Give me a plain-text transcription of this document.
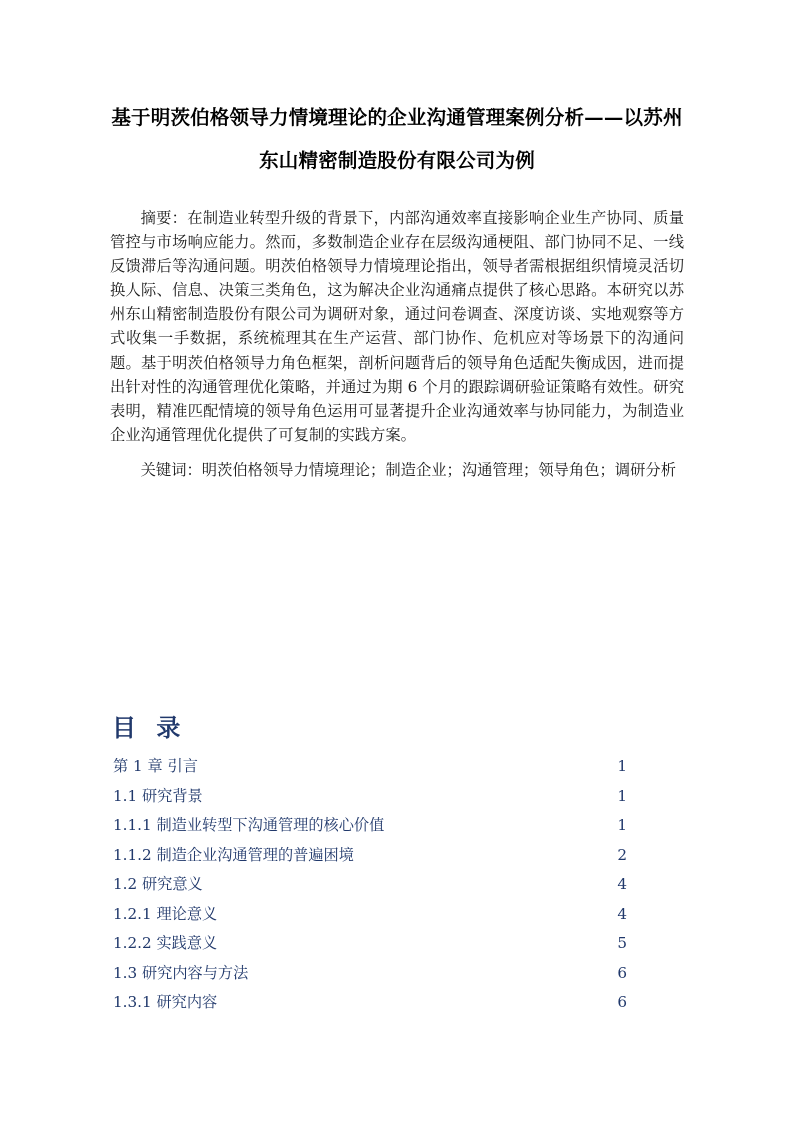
基于明茨伯格领导力情境理论的企业沟通管理案例分析——以苏州
东山精密制造股份有限公司为例

摘要：在制造业转型升级的背景下，内部沟通效率直接影响企业生产协同、质量管控与市场响应能力。然而，多数制造企业存在层级沟通梗阻、部门协同不足、一线反馈滞后等沟通问题。明茨伯格领导力情境理论指出，领导者需根据组织情境灵活切换人际、信息、决策三类角色，这为解决企业沟通痛点提供了核心思路。本研究以苏州东山精密制造股份有限公司为调研对象，通过问卷调查、深度访谈、实地观察等方式收集一手数据，系统梳理其在生产运营、部门协作、危机应对等场景下的沟通问题。基于明茨伯格领导力角色框架，剖析问题背后的领导角色适配失衡成因，进而提出针对性的沟通管理优化策略，并通过为期 6 个月的跟踪调研验证策略有效性。研究表明，精准匹配情境的领导角色运用可显著提升企业沟通效率与协同能力，为制造业企业沟通管理优化提供了可复制的实践方案。

关键词：明茨伯格领导力情境理论；制造企业；沟通管理；领导角色；调研分析

目 录
第 1 章 引言 ·····	1
1.1 研究背景 ·····	1
1.1.1 制造业转型下沟通管理的核心价值 ·····	1
1.1.2 制造企业沟通管理的普遍困境 ·····	2
1.2 研究意义 ·····	4
1.2.1 理论意义 ·····	4
1.2.2 实践意义 ·····	5
1.3 研究内容与方法 ·····	6
1.3.1 研究内容 ·····	6
